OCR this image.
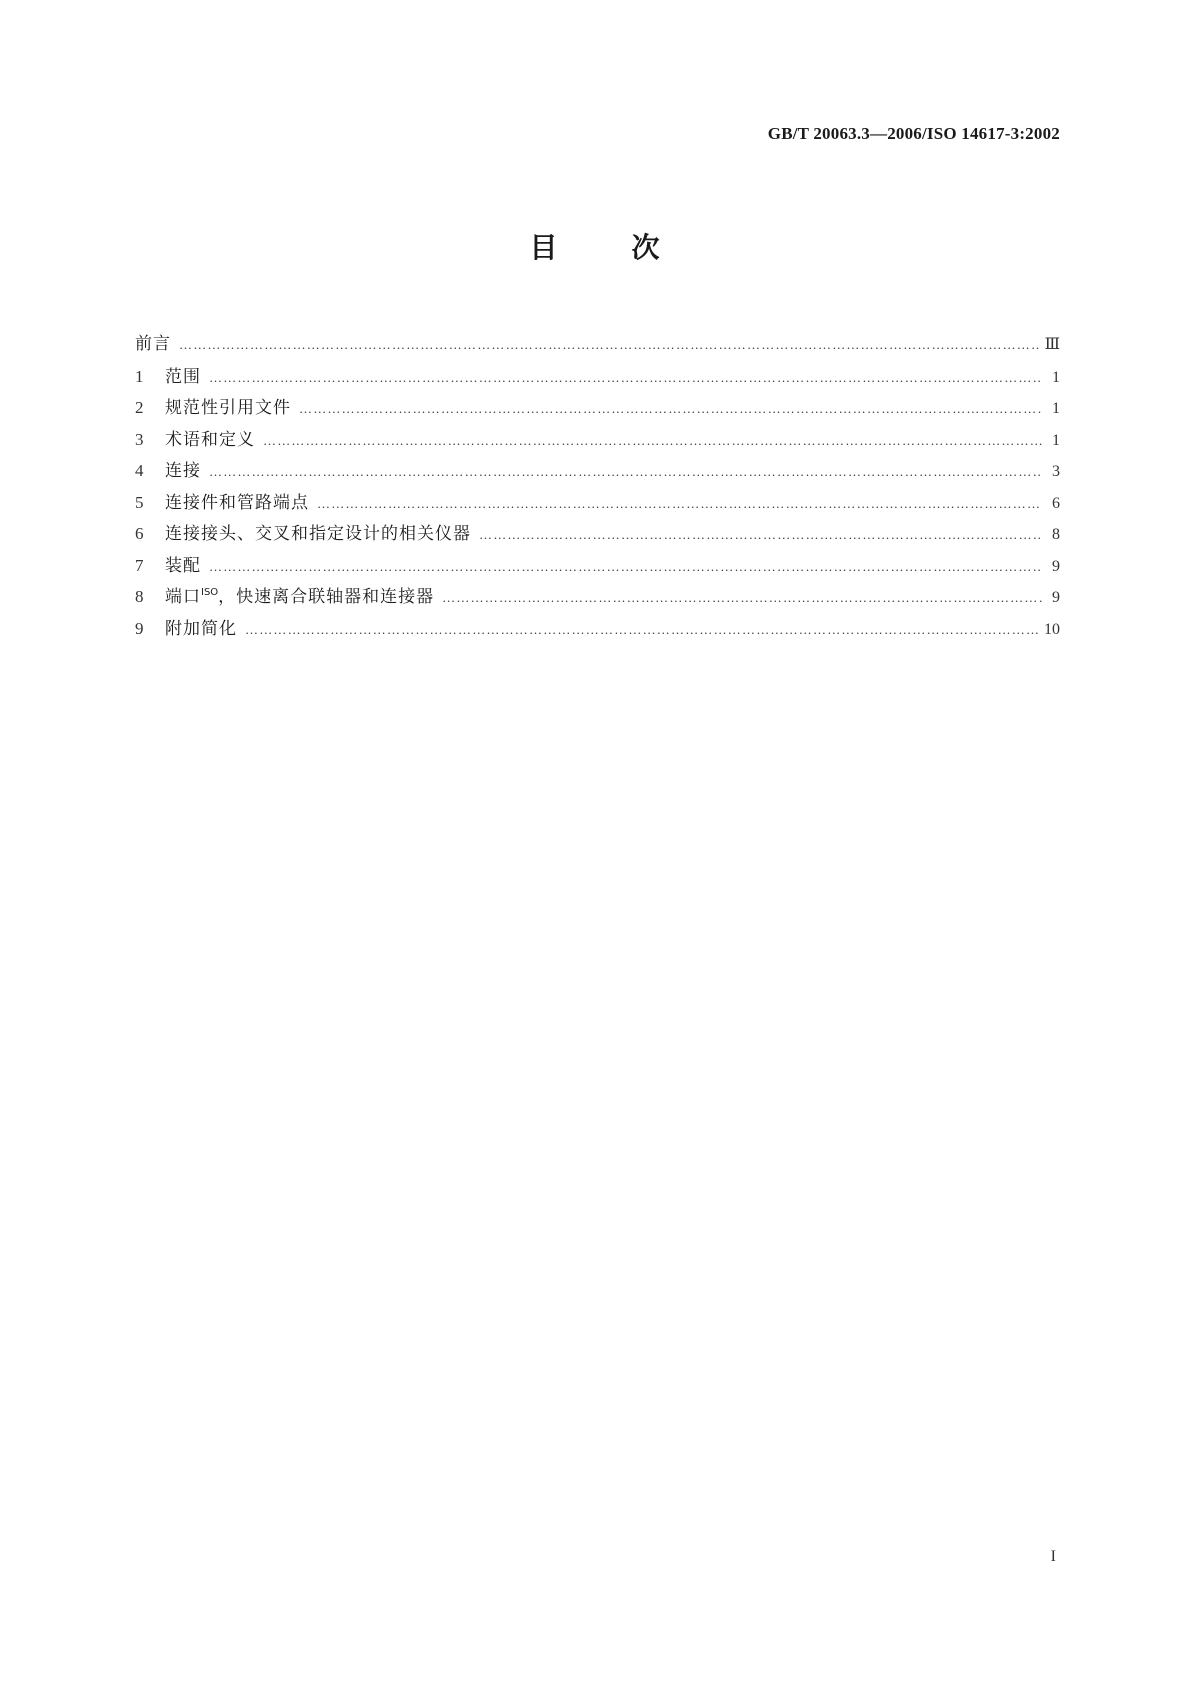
GB/T 20063.3—2006/ISO 14617-3:2002
目	次
前言 ………………………………………………………………………………………………………………………………………………………………………………………………………………	Ⅲ
1	范围 ………………………………………………………………………………………………………………………………………………………………………………………………………………	1
2	规范性引用文件 ………………………………………………………………………………………………………………………………………………………………………………………………………………	1
3	术语和定义 ………………………………………………………………………………………………………………………………………………………………………………………………………………	1
4	连接 ………………………………………………………………………………………………………………………………………………………………………………………………………………	3
5	连接件和管路端点 ………………………………………………………………………………………………………………………………………………………………………………………………………………	6
6	连接接头、交叉和指定设计的相关仪器 ………………………………………………………………………………………………………………………………………………………………………………………………………………	8
7	装配 ………………………………………………………………………………………………………………………………………………………………………………………………………………	9
8	端口$^{ISO}$，快速离合联轴器和连接器 ………………………………………………………………………………………………………………………………………………………………………………………………………………	9
9	附加简化 ………………………………………………………………………………………………………………………………………………………………………………………………………………	10
I
